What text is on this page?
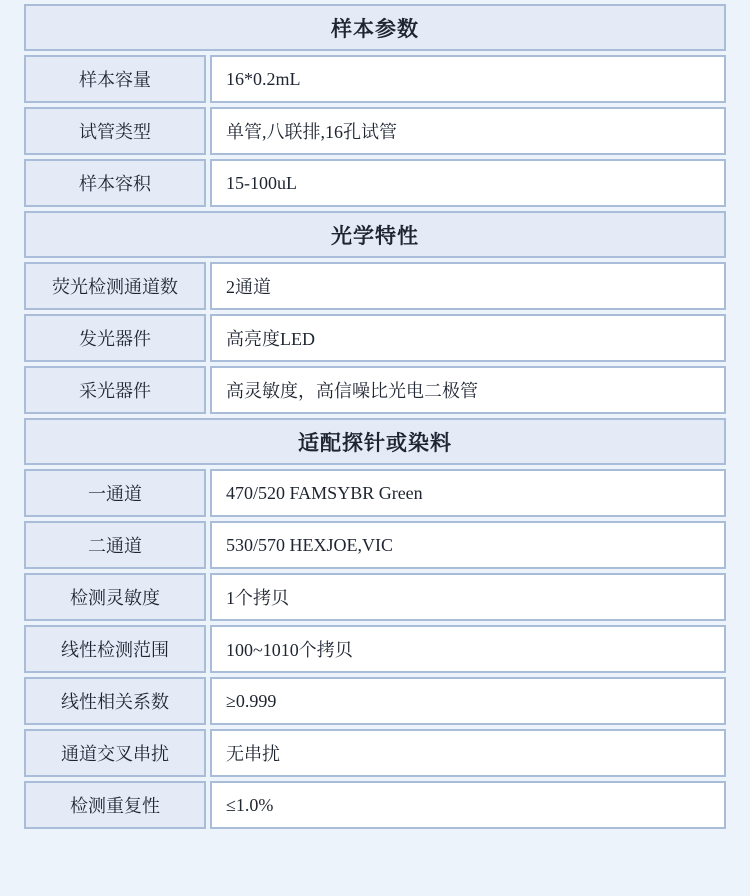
样本参数
样本容量	16*0.2mL
试管类型	单管,八联排,16孔试管
样本容积	15-100uL
光学特性
荧光检测通道数	2通道
发光器件	高亮度LED
采光器件	高灵敏度，高信噪比光电二极管
适配探针或染料
一通道	470/520 FAMSYBR Green
二通道	530/570 HEXJOE,VIC
检测灵敏度	1个拷贝
线性检测范围	100~1010个拷贝
线性相关系数	≥0.999
通道交叉串扰	无串扰
检测重复性	≤1.0%
